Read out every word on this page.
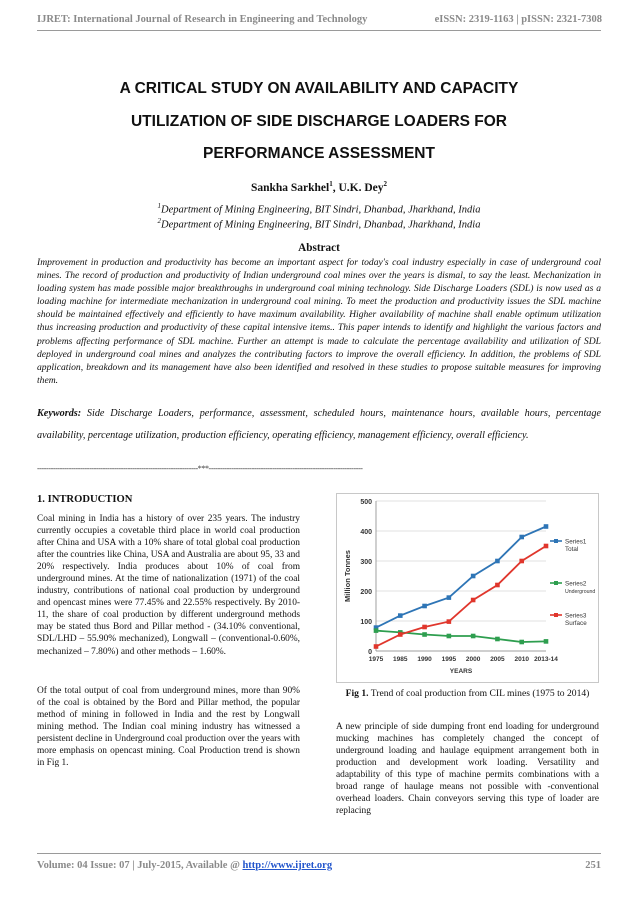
IJRET: International Journal of Research in Engineering and Technology	eISSN: 2319-1163 | pISSN: 2321-7308
A CRITICAL STUDY ON AVAILABILITY AND CAPACITY
UTILIZATION OF SIDE DISCHARGE LOADERS FOR
PERFORMANCE ASSESSMENT
Sankha Sarkhel$^1$, U.K. Dey$^2$
$^1$Department of Mining Engineering, BIT Sindri, Dhanbad, Jharkhand, India
$^2$Department of Mining Engineering, BIT Sindri, Dhanbad, Jharkhand, India
Abstract
Improvement in production and productivity has become an important aspect for today's coal industry especially in case of underground coal mines. The record of production and productivity of Indian underground coal mines over the years is dismal, to say the least. Mechanization in loading system has made possible major breakthroughs in underground coal mining technology. Side Discharge Loaders (SDL) is now used as a loading machine for intermediate mechanization in underground coal mining. To meet the production and productivity issues the SDL machine should be maintained effectively and efficiently to have maximum availability. Higher availability of machine shall enable optimum utilization thus increasing production and productivity of these capital intensive items.. This paper intends to identify and highlight the various factors and problems affecting performance of SDL machine. Further an attempt is made to calculate the percentage availability and utilization of SDL deployed in underground coal mines and analyzes the contributing factors to improve the overall efficiency. In addition, the problems of SDL application, breakdown and its management have also been identified and resolved in these studies to propose suitable measures for improving them.
Keywords: Side Discharge Loaders, performance, assessment, scheduled hours, maintenance hours, available hours, percentage availability, percentage utilization, production efficiency, operating efficiency, management efficiency, overall efficiency.
-----------------------------------------------------------------------***--------------------------------------------------------------------
1. INTRODUCTION
Coal mining in India has a history of over 235 years. The industry currently occupies a covetable third place in world coal production after China and USA with a 10% share of total global coal production after the countries like China, USA and Australia are about 95, 33 and 20% respectively. India produces about 10% of coal from underground mines. At the time of nationalization (1971) of the coal industry, contributions of national coal production by underground and opencast mines were 77.45% and 22.55% respectively. By 2010-11, the share of coal production by different underground methods may be stated thus Bord and Pillar method - (34.10% conventional, SDL/LHD – 55.90% mechanized), Longwall – (conventional-0.60%, mechanized – 7.80%) and other methods – 1.60%.
Of the total output of coal from underground mines, more than 90% of the coal is obtained by the Bord and Pillar method, the popular method of mining in followed in India and the rest by Longwall mining method. The Indian coal mining industry has witnessed a persistent decline in Underground coal production over the years with more emphasis on opencast mining. Coal Production trend is shown in Fig 1.
0
100
200
300
400
500
1975 1985 1990 1995 2000 2005 2010 2013-14
Million Tonnes
YEARS
Series1
Total
Series2
Underground
Series3
Surface
Fig 1. Trend of coal production from CIL mines (1975 to 2014)
A new principle of side dumping front end loading for underground mucking machines has completely changed the concept of underground loading and haulage equipment arrangement both in production and development work loading. Versatility and adaptability of this type of machine permits combinations with a broad range of haulage means not possible with -conventional overhead loaders. Chain conveyors serving this type of loader are replacing
Volume: 04 Issue: 07 | July-2015, Available @ http://www.ijret.org	251
